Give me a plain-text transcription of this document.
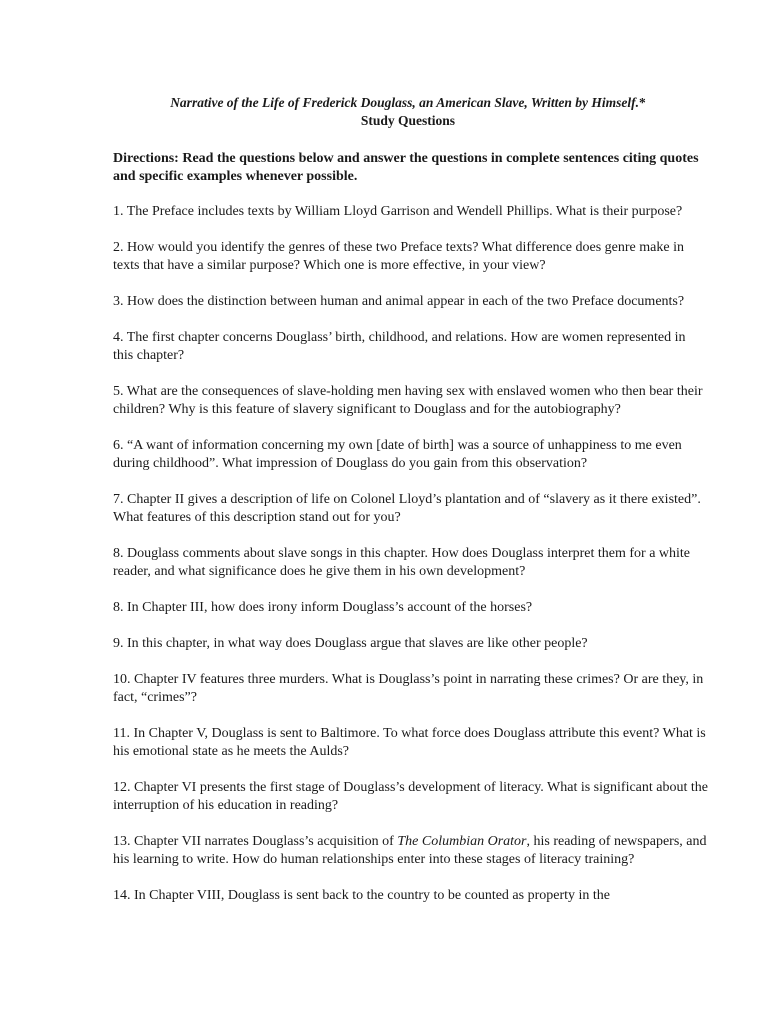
Narrative of the Life of Frederick Douglass, an American Slave, Written by Himself.*

Study Questions

Directions: Read the questions below and answer the questions in complete sentences citing quotes and specific examples whenever possible.

1. The Preface includes texts by William Lloyd Garrison and Wendell Phillips. What is their purpose?

2. How would you identify the genres of these two Preface texts? What difference does genre make in texts that have a similar purpose? Which one is more effective, in your view?

3. How does the distinction between human and animal appear in each of the two Preface documents?

4. The first chapter concerns Douglass’ birth, childhood, and relations. How are women represented in this chapter?

5. What are the consequences of slave-holding men having sex with enslaved women who then bear their children? Why is this feature of slavery significant to Douglass and for the autobiography?

6. “A want of information concerning my own [date of birth] was a source of unhappiness to me even during childhood”. What impression of Douglass do you gain from this observation?

7. Chapter II gives a description of life on Colonel Lloyd’s plantation and of “slavery as it there existed”. What features of this description stand out for you?

8. Douglass comments about slave songs in this chapter. How does Douglass interpret them for a white reader, and what significance does he give them in his own development?

8. In Chapter III, how does irony inform Douglass’s account of the horses?

9. In this chapter, in what way does Douglass argue that slaves are like other people?

10. Chapter IV features three murders. What is Douglass’s point in narrating these crimes? Or are they, in fact, “crimes”?

11. In Chapter V, Douglass is sent to Baltimore. To what force does Douglass attribute this event? What is his emotional state as he meets the Aulds?

12. Chapter VI presents the first stage of Douglass’s development of literacy. What is significant about the interruption of his education in reading?

13. Chapter VII narrates Douglass’s acquisition of The Columbian Orator, his reading of newspapers, and his learning to write. How do human relationships enter into these stages of literacy training?

14. In Chapter VIII, Douglass is sent back to the country to be counted as property in the
